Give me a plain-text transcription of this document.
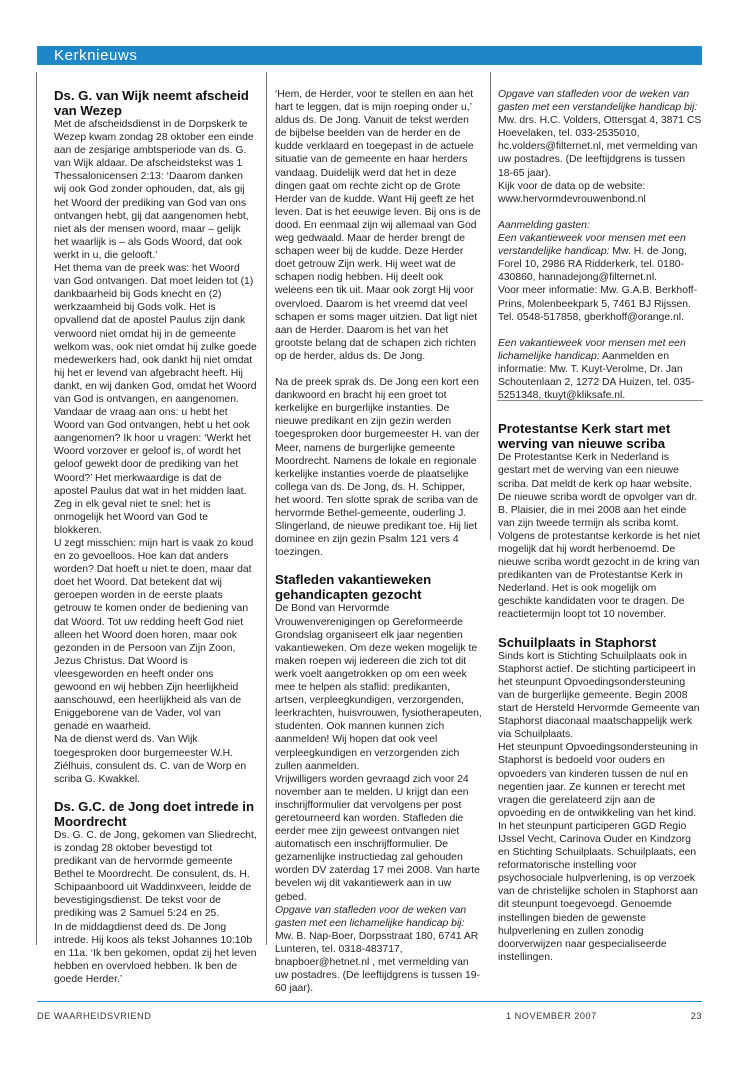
Kerknieuws
Ds. G. van Wijk neemt afscheid van Wezep

Met de afscheidsdienst in de Dorpskerk te Wezep kwam zondag 28 oktober een einde aan de zesjarige ambtsperiode van ds. G. van Wijk aldaar. De afscheidstekst was 1 Thessalonicensen 2:13: ‘Daarom danken wij ook God zonder ophouden, dat, als gij het Woord der prediking van God van ons ontvangen hebt, gij dat aangenomen hebt, niet als der mensen woord, maar – gelijk het waarlijk is – als Gods Woord, dat ook werkt in u, die gelooft.’

Het thema van de preek was: het Woord van God ontvangen. Dat moet leiden tot (1) dankbaarheid bij Gods knecht en (2) werkzaamheid bij Gods volk. Het is opvallend dat de apostel Paulus zijn dank verwoord niet omdat hij in de gemeente welkom was, ook niet omdat hij zulke goede medewerkers had, ook dankt hij niet omdat hij het er levend van afgebracht heeft. Hij dankt, en wij danken God, omdat het Woord van God is ontvangen, en aangenomen.

Vandaar de vraag aan ons: u hebt het Woord van God ontvangen, hebt u het ook aangenomen? Ik hoor u vragen: ‘Werkt het Woord vorzover er geloof is, of wordt het geloof gewekt door de prediking van het Woord?’ Het merkwaardige is dat de apostel Paulus dat wat in het midden laat. Zeg in elk geval niet te snel: het is onmogelijk het Woord van God te blokkeren.

U zegt misschien: mijn hart is vaak zo koud en zo gevoelloos. Hoe kan dat anders worden? Dat hoeft u niet te doen, maar dat doet het Woord. Dat betekent dat wij geroepen worden in de eerste plaats getrouw te komen onder de bediening van dat Woord. Tot uw redding heeft God niet alleen het Woord doen horen, maar ook gezonden in de Persoon van Zijn Zoon, Jezus Christus. Dat Woord is vleesgeworden en heeft onder ons gewoond en wij hebben Zijn heerlijkheid aanschouwd, een heerlijkheid als van de Eniggeborene van de Vader, vol van genade en waarheid.

Na de dienst werd ds. Van Wijk toegesproken door burgemeester W.H. Ziélhuis, consulent ds. C. van de Worp en scriba G. Kwakkel.

Ds. G.C. de Jong doet intrede in Moordrecht

Ds. G. C. de Jong, gekomen van Sliedrecht, is zondag 28 oktober bevestigd tot predikant van de hervormde gemeente Bethel te Moordrecht. De consulent, ds. H. Schipaanboord uit Waddinxveen, leidde de bevestigingsdienst. De tekst voor de prediking was 2 Samuel 5:24 en 25.

In de middagdienst deed ds. De Jong intrede. Hij koos als tekst Johannes 10:10b en 11a. ‘Ik ben gekomen, opdat zij het leven hebben en overvloed hebben. Ik ben de goede Herder.’

‘Hem, de Herder, voor te stellen en aan het hart te leggen, dat is mijn roeping onder u,’ aldus ds. De Jong. Vanuit de tekst werden de bijbelse beelden van de herder en de kudde verklaard en toegepast in de actuele situatie van de gemeente en haar herders vandaag. Duidelijk werd dat het in deze dingen gaat om rechte zicht op de Grote Herder van de kudde. Want Hij geeft ze het leven. Dat is het eeuwige leven. Bij ons is de dood. En eenmaal zijn wij allemaal van God weg gedwaald. Maar de herder brengt de schapen weer bij de kudde. Deze Herder doet getrouw Zijn werk. Hij weet wat de schapen nodig hebben. Hij deelt ook weleens een tik uit. Maar ook zorgt Hij voor overvloed. Daarom is het vreemd dat veel schapen er soms mager uitzien. Dat ligt niet aan de Herder. Daarom is het van het grootste belang dat de schapen zich richten op de herder, aldus ds. De Jong.

Na de preek sprak ds. De Jong een kort een dankwoord en bracht hij een groet tot kerkelijke en burgerlijke instanties. De nieuwe predikant en zijn gezin werden toegesproken door burgemeester H. van der Meer, namens de burgerlijke gemeente Moordrecht. Namens de lokale en regionale kerkelijke instanties voerde de plaatselijke collega van ds. De Jong, ds. H. Schipper, het woord. Ten slotte sprak de scriba van de hervormde Bethel-gemeente, ouderling J. Slingerland, de nieuwe predikant toe. Hij liet dominee en zijn gezin Psalm 121 vers 4 toezingen.

Stafleden vakantieweken gehandicapten gezocht

De Bond van Hervormde Vrouwenverenigingen op Gereformeerde Grondslag organiseert elk jaar negentien vakantieweken. Om deze weken mogelijk te maken roepen wij iedereen die zich tot dit werk voelt aangetrokken op om een week mee te helpen als staflid: predikanten, artsen, verpleegkundigen, verzorgenden, leerkrachten, huisvrouwen, fysiotherapeuten, studenten. Ook mannen kunnen zich aanmelden! Wij hopen dat ook veel verpleegkundigen en verzorgenden zich zullen aanmelden.

Vrijwilligers worden gevraagd zich voor 24 november aan te melden. U krijgt dan een inschrijfformulier dat vervolgens per post geretourneerd kan worden. Stafleden die eerder mee zijn geweest ontvangen niet automatisch een inschrijfformulier. De gezamenlijke instructiedag zal gehouden worden DV zaterdag 17 mei 2008. Van harte bevelen wij dit vakantiewerk aan in uw gebed.

Opgave van stafleden voor de weken van gasten met een lichamelijke handicap bij: Mw. B. Nap-Boer, Dorpsstraat 180, 6741 AR Lunteren, tel. 0318-483717, bnapboer@hetnet.nl , met vermelding van uw postadres. (De leeftijdgrens is tussen 19-60 jaar).

Opgave van stafleden voor de weken van gasten met een verstandelijke handicap bij: Mw. drs. H.C. Volders, Ottersgat 4, 3871 CS Hoevelaken, tel. 033-2535010, hc.volders@filternet.nl, met vermelding van uw postadres. (De leeftijdgrens is tussen 18-65 jaar).

Kijk voor de data op de website:

www.hervormdevrouwenbond.nl

Aanmelding gasten:

Een vakantieweek voor mensen met een verstandelijke handicap: Mw. H. de Jong, Forel 10, 2986 RA Ridderkerk, tel. 0180-430860, hannadejong@filternet.nl.

Voor meer informatie: Mw. G.A.B. Berkhoff-Prins, Molenbeekpark 5, 7461 BJ Rijssen. Tel. 0548-517858, gberkhoff@orange.nl.

Een vakantieweek voor mensen met een lichamelijke handicap: Aanmelden en informatie: Mw. T. Kuyt-Verolme, Dr. Jan Schoutenlaan 2, 1272 DA Huizen, tel. 035-5251348, tkuyt@kliksafe.nl.

Protestantse Kerk start met werving van nieuwe scriba

De Protestantse Kerk in Nederland is gestart met de werving van een nieuwe scriba. Dat meldt de kerk op haar website. De nieuwe scriba wordt de opvolger van dr. B. Plaisier, die in mei 2008 aan het einde van zijn tweede termijn als scriba komt. Volgens de protestantse kerkorde is het niet mogelijk dat hij wordt herbenoemd. De nieuwe scriba wordt gezocht in de kring van predikanten van de Protestantse Kerk in Nederland. Het is ook mogelijk om geschikte kandidaten voor te dragen. De reactietermijn loopt tot 10 november.

Schuilplaats in Staphorst

Sinds kort is Stichting Schuilplaats ook in Staphorst actief. De stichting participeert in het steunpunt Opvoedingsondersteuning van de burgerlijke gemeente. Begin 2008 start de Hersteld Hervormde Gemeente van Staphorst diaconaal maatschappelijk werk via Schuilplaats.

Het steunpunt Opvoedingsondersteuning in Staphorst is bedoeld voor ouders en opvoeders van kinderen tussen de nul en negentien jaar. Ze kunnen er terecht met vragen die gerelateerd zijn aan de opvoeding en de ontwikkeling van het kind.

In het steunpunt participeren GGD Regio IJssel Vecht, Carinova Ouder en Kindzorg en Stichting Schuilplaats. Schuilplaats, een reformatorische instelling voor psychosociale hulpverlening, is op verzoek van de christelijke scholen in Staphorst aan dit steunpunt toegevoegd. Genoemde instellingen bieden de gewenste hulpverlening en zullen zonodig doorverwijzen naar gespecialiseerde instellingen.

DE WAARHEIDSVRIEND	1 NOVEMBER 2007	23
